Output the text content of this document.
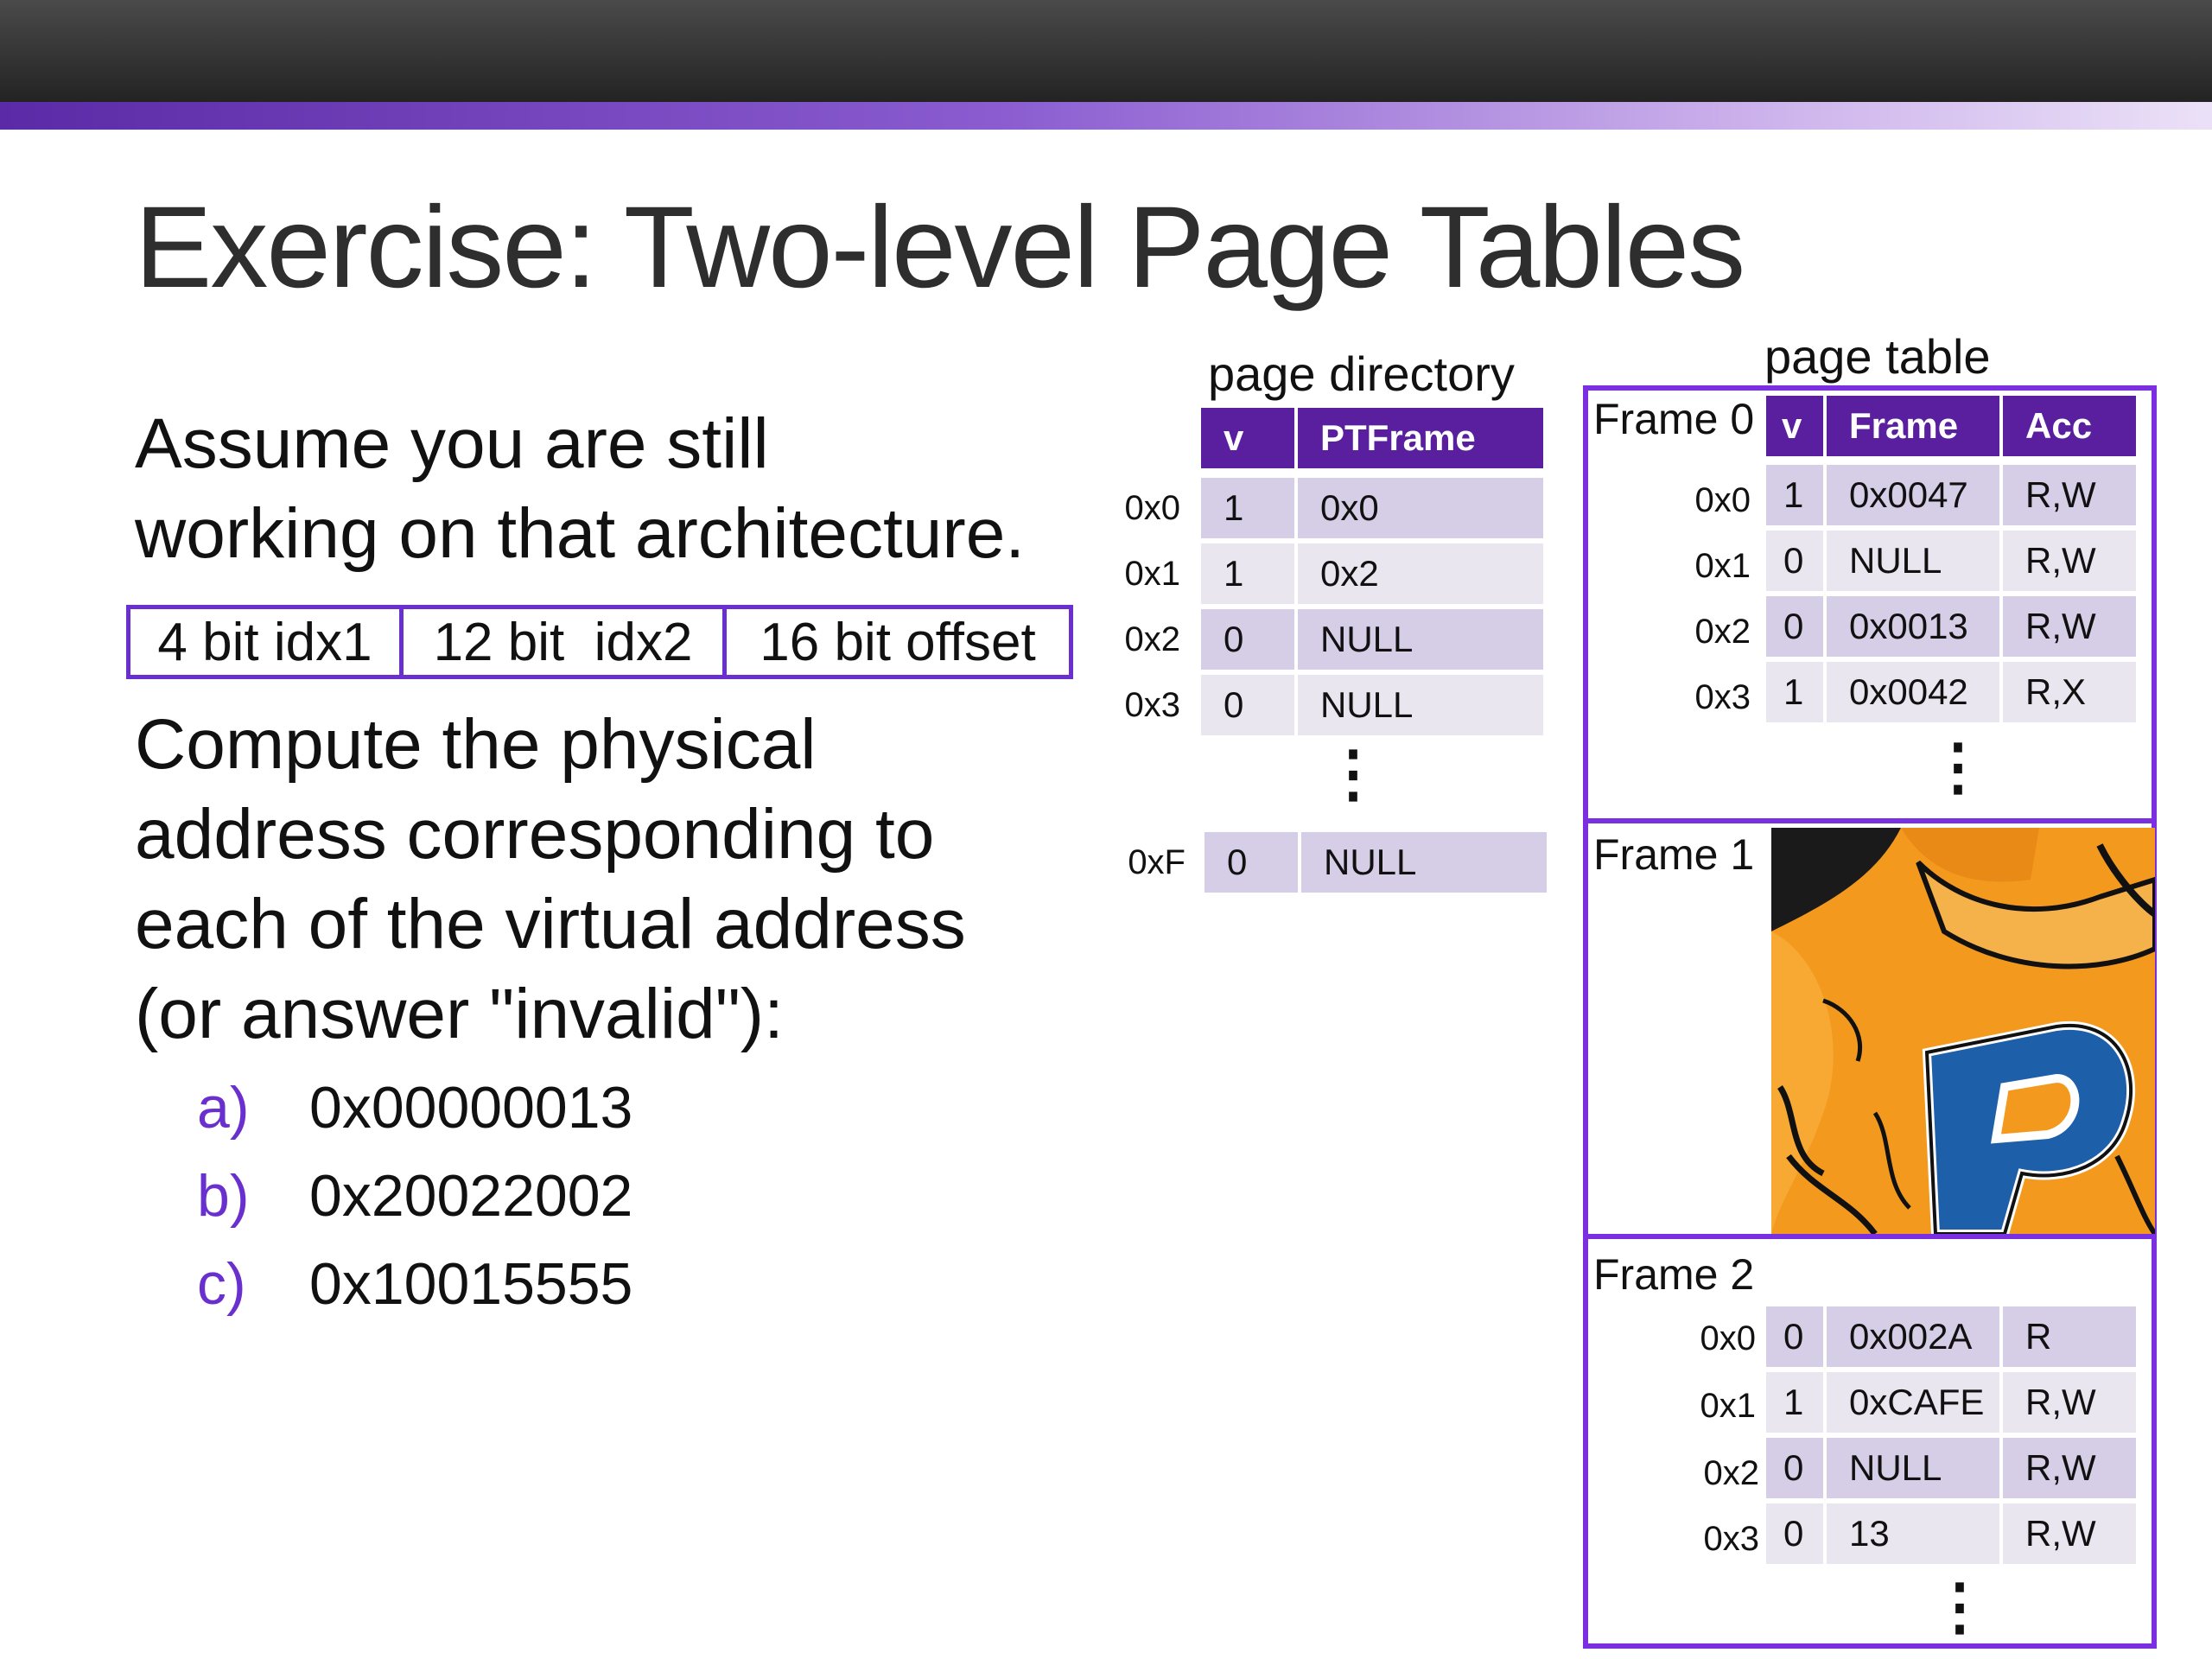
Exercise: Two-level Page Tables
Assume you are still
working on that architecture.
4 bit idx1	12 bit  idx2	16 bit offset
Compute the physical
address corresponding to
each of the virtual address
(or answer "invalid"):
a)	0x00000013
b)	0x20022002
c)	0x10015555
page directory
v	PTFrame
0x0	1	0x0
0x1	1	0x2
0x2	0	NULL
0x3	0	NULL
⋮
0xF	0	NULL
page table
Frame 0 v	Frame	Acc
0x0 1	0x0047	R,W
0x1 0	NULL	R,W
0x2 0	0x0013	R,W
0x3 1	0x0042	R,X
⋮
Frame 1
Frame 2
0x0 0	0x002A	R
0x1 1	0xCAFE	R,W
0x2 0	NULL	R,W
0x3 0	13	R,W
⋮
